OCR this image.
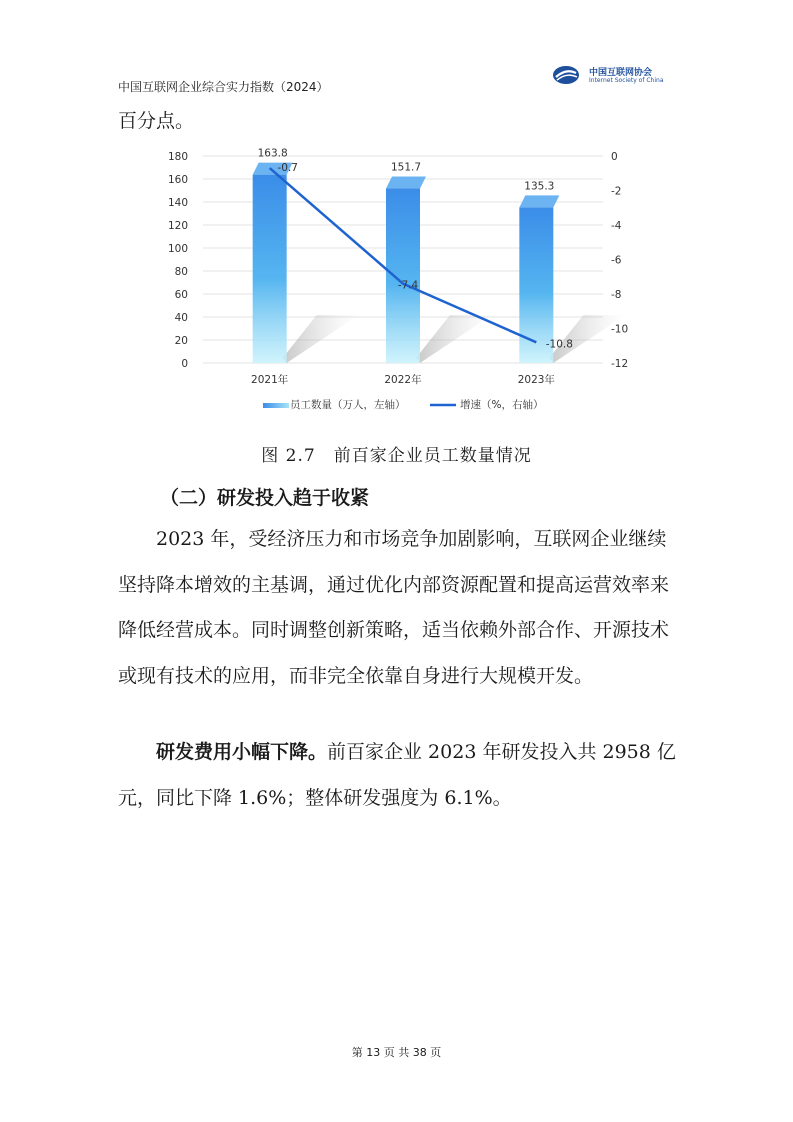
中国互联网企业综合实力指数（2024）
中国互联网协会
Internet Society of China
百分点。
180
160
140
120
100
80
60
40
20
0
0
-2
-4
-6
-8
-10
-12
2021年	2022年	2023年
163.8
151.7
135.3
-0.7
-7.4
-10.8
员工数量（万人，左轴）	增速（%，右轴）
图 2.7　前百家企业员工数量情况
（二）研发投入趋于收紧

2023 年，受经济压力和市场竞争加剧影响，互联网企业继续坚持降本增效的主基调，通过优化内部资源配置和提高运营效率来降低经营成本。同时调整创新策略，适当依赖外部合作、开源技术或现有技术的应用，而非完全依靠自身进行大规模开发。

研发费用小幅下降。前百家企业 2023 年研发投入共 2958 亿元，同比下降 1.6%；整体研发强度为 6.1%。

第 13 页 共 38 页
